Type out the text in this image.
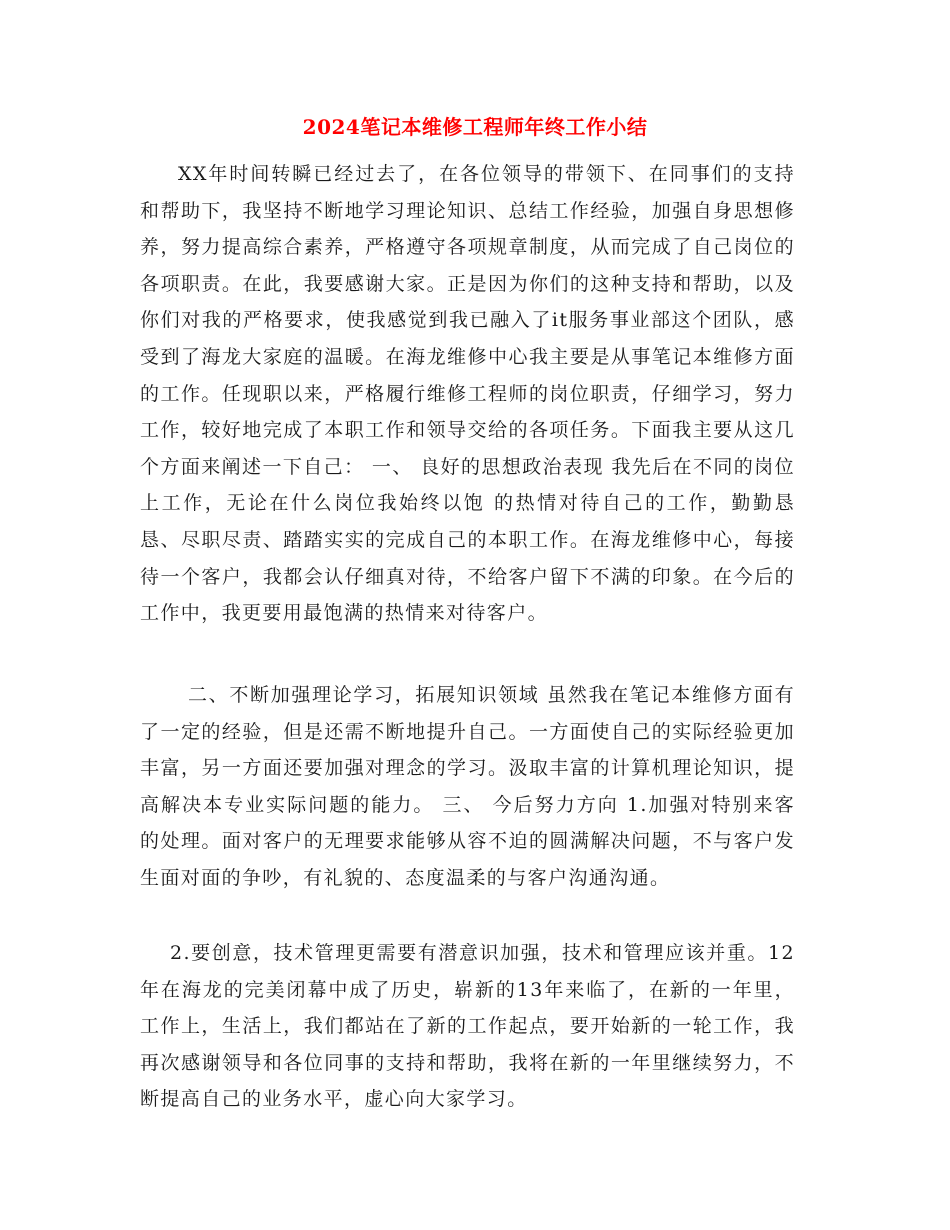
2024笔记本维修工程师年终工作小结

XX年时间转瞬已经过去了，在各位领导的带领下、在同事们的支持和帮助下，我坚持不断地学习理论知识、总结工作经验，加强自身思想修养，努力提高综合素养，严格遵守各项规章制度，从而完成了自己岗位的各项职责。在此，我要感谢大家。正是因为你们的这种支持和帮助，以及你们对我的严格要求，使我感觉到我已融入了it服务事业部这个团队，感受到了海龙大家庭的温暖。在海龙维修中心我主要是从事笔记本维修方面的工作。任现职以来，严格履行维修工程师的岗位职责，仔细学习，努力工作，较好地完成了本职工作和领导交给的各项任务。下面我主要从这几个方面来阐述一下自己： 一、 良好的思想政治表现 我先后在不同的岗位上工作，无论在什么岗位我始终以饱 的热情对待自己的工作，勤勤恳恳、尽职尽责、踏踏实实的完成自己的本职工作。在海龙维修中心，每接待一个客户，我都会认仔细真对待，不给客户留下不满的印象。在今后的工作中，我更要用最饱满的热情来对待客户。

二、不断加强理论学习，拓展知识领域 虽然我在笔记本维修方面有了一定的经验，但是还需不断地提升自己。一方面使自己的实际经验更加丰富，另一方面还要加强对理念的学习。汲取丰富的计算机理论知识，提高解决本专业实际问题的能力。 三、 今后努力方向 1.加强对特别来客的处理。面对客户的无理要求能够从容不迫的圆满解决问题，不与客户发生面对面的争吵，有礼貌的、态度温柔的与客户沟通沟通。

2.要创意，技术管理更需要有潜意识加强，技术和管理应该并重。12年在海龙的完美闭幕中成了历史，崭新的13年来临了，在新的一年里，工作上，生活上，我们都站在了新的工作起点，要开始新的一轮工作，我再次感谢领导和各位同事的支持和帮助，我将在新的一年里继续努力，不断提高自己的业务水平，虚心向大家学习。
